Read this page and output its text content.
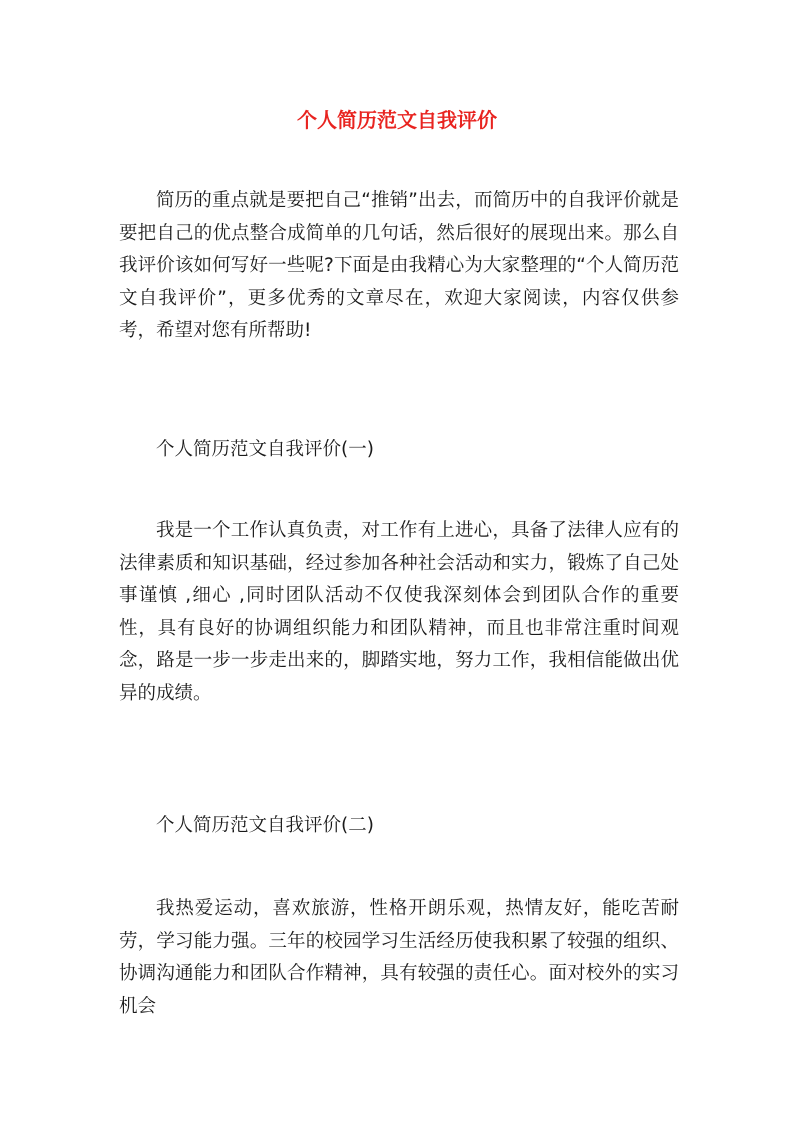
个人简历范文自我评价

简历的重点就是要把自己“推销”出去，而简历中的自我评价就是要把自己的优点整合成简单的几句话，然后很好的展现出来。那么自我评价该如何写好一些呢?下面是由我精心为大家整理的“个人简历范文自我评价”，更多优秀的文章尽在，欢迎大家阅读，内容仅供参考，希望对您有所帮助!

个人简历范文自我评价(一)

我是一个工作认真负责，对工作有上进心，具备了法律人应有的法律素质和知识基础，经过参加各种社会活动和实力，锻炼了自己处事谨慎 ,细心 ,同时团队活动不仅使我深刻体会到团队合作的重要性，具有良好的协调组织能力和团队精神，而且也非常注重时间观念，路是一步一步走出来的，脚踏实地，努力工作，我相信能做出优异的成绩。

个人简历范文自我评价(二)

我热爱运动，喜欢旅游，性格开朗乐观，热情友好，能吃苦耐劳，学习能力强。三年的校园学习生活经历使我积累了较强的组织、协调沟通能力和团队合作精神，具有较强的责任心。面对校外的实习机会
